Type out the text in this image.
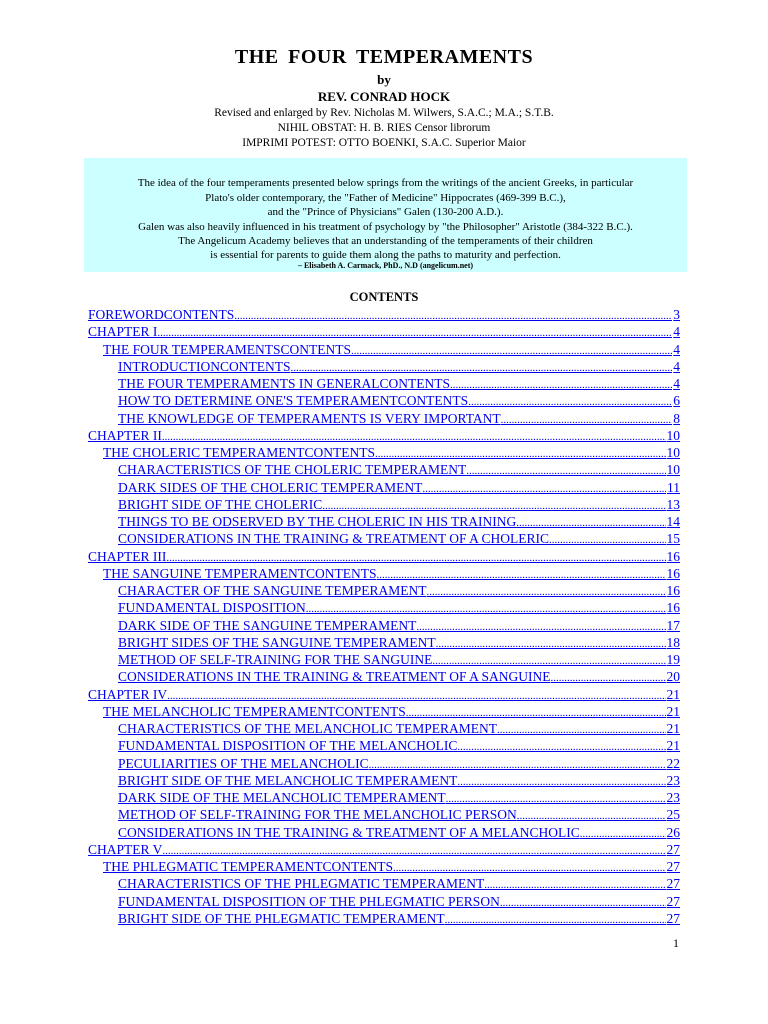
THE FOUR TEMPERAMENTS
by
REV. CONRAD HOCK
Revised and enlarged by Rev. Nicholas M. Wilwers, S.A.C.; M.A.; S.T.B.
NIHIL OBSTAT: H. B. RIES Censor librorum
IMPRIMI POTEST: OTTO BOENKI, S.A.C. Superior Maior
The idea of the four temperaments presented below springs from the writings of the ancient Greeks, in particular
Plato's older contemporary, the "Father of Medicine" Hippocrates (469-399 B.C.),
and the "Prince of Physicians" Galen (130-200 A.D.).
Galen was also heavily influenced in his treatment of psychology by "the Philosopher" Aristotle (384-322 B.C.).
The Angelicum Academy believes that an understanding of the temperaments of their children
is essential for parents to guide them along the paths to maturity and perfection.
– Elisabeth A. Carmack, PhD., N.D (angelicum.net)
CONTENTS
FOREWORDCONTENTS .....	3
CHAPTER I .....	4
THE FOUR TEMPERAMENTSCONTENTS .....	4
INTRODUCTIONCONTENTS .....	4
THE FOUR TEMPERAMENTS IN GENERALCONTENTS .....	4
HOW TO DETERMINE ONE'S TEMPERAMENTCONTENTS .....	6
THE KNOWLEDGE OF TEMPERAMENTS IS VERY IMPORTANT .....	8
CHAPTER II .....	10
THE CHOLERIC TEMPERAMENTCONTENTS .....	10
CHARACTERISTICS OF THE CHOLERIC TEMPERAMENT .....	10
DARK SIDES OF THE CHOLERIC TEMPERAMENT .....	11
BRIGHT SIDE OF THE CHOLERIC .....	13
THINGS TO BE ODSERVED BY THE CHOLERIC IN HIS TRAINING .....	14
CONSIDERATIONS IN THE TRAINING & TREATMENT OF A CHOLERIC .....	15
CHAPTER III .....	16
THE SANGUINE TEMPERAMENTCONTENTS .....	16
CHARACTER OF THE SANGUINE TEMPERAMENT .....	16
FUNDAMENTAL DISPOSITION .....	16
DARK SIDE OF THE SANGUINE TEMPERAMENT .....	17
BRIGHT SIDES OF THE SANGUINE TEMPERAMENT .....	18
METHOD OF SELF-TRAINING FOR THE SANGUINE .....	19
CONSIDERATIONS IN THE TRAINING & TREATMENT OF A SANGUINE .....	20
CHAPTER IV .....	21
THE MELANCHOLIC TEMPERAMENTCONTENTS .....	21
CHARACTERISTICS OF THE MELANCHOLIC TEMPERAMENT .....	21
FUNDAMENTAL DISPOSITION OF THE MELANCHOLIC .....	21
PECULIARITIES OF THE MELANCHOLIC .....	22
BRIGHT SIDE OF THE MELANCHOLIC TEMPERAMENT .....	23
DARK SIDE OF THE MELANCHOLIC TEMPERAMENT .....	23
METHOD OF SELF-TRAINING FOR THE MELANCHOLIC PERSON .....	25
CONSIDERATIONS IN THE TRAINING & TREATMENT OF A MELANCHOLIC .....	26
CHAPTER V .....	27
THE PHLEGMATIC TEMPERAMENTCONTENTS .....	27
CHARACTERISTICS OF THE PHLEGMATIC TEMPERAMENT .....	27
FUNDAMENTAL DISPOSITION OF THE PHLEGMATIC PERSON .....	27
BRIGHT SIDE OF THE PHLEGMATIC TEMPERAMENT .....	27
1
